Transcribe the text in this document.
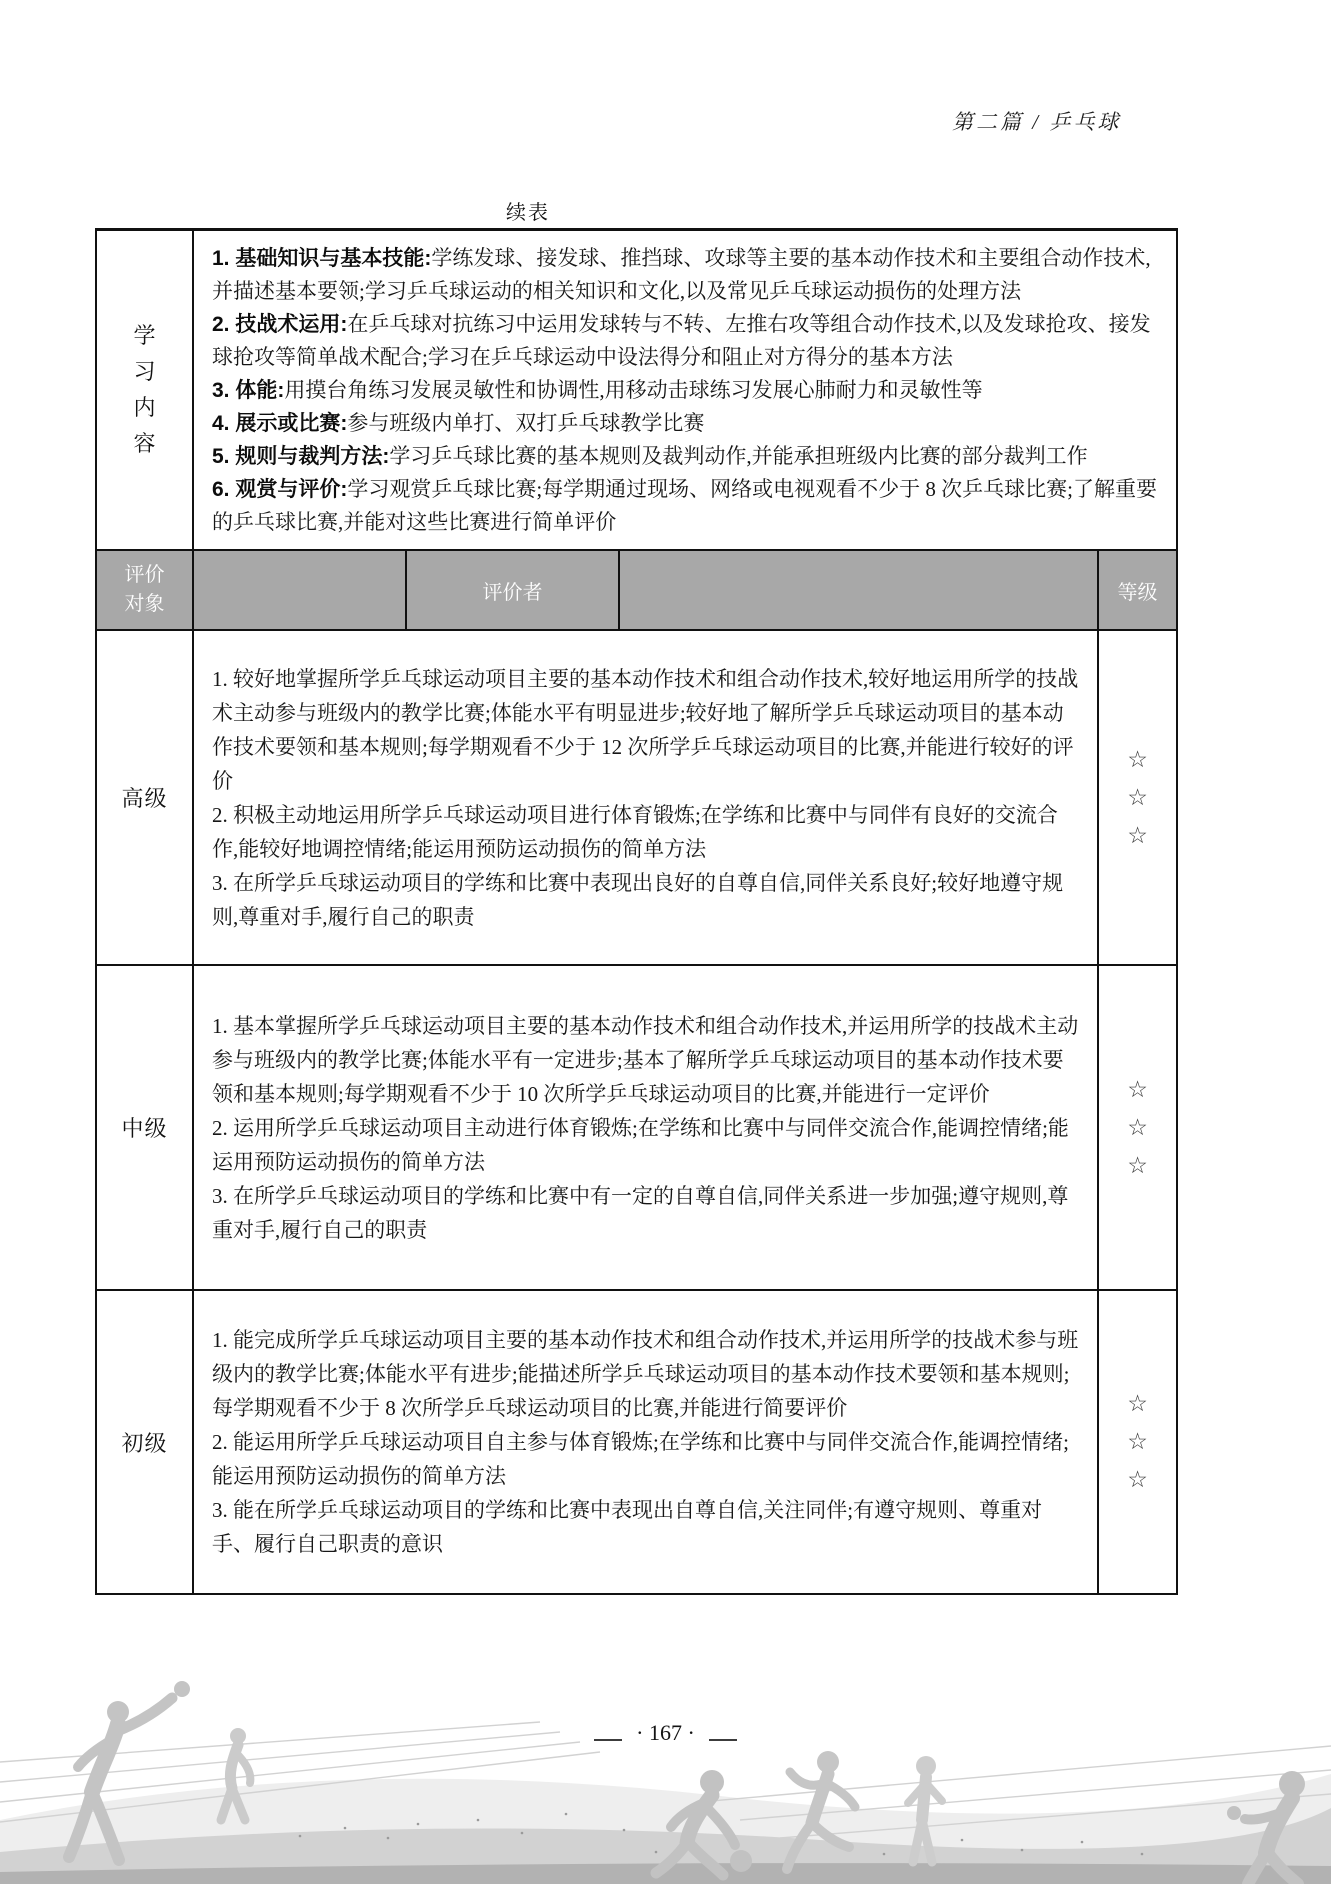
第二篇 / 乒乓球
续表
学习内容
1. 基础知识与基本技能:学练发球、接发球、推挡球、攻球等主要的基本动作技术和主要组合动作技术,并描述基本要领;学习乒乓球运动的相关知识和文化,以及常见乒乓球运动损伤的处理方法
2. 技战术运用:在乒乓球对抗练习中运用发球转与不转、左推右攻等组合动作技术,以及发球抢攻、接发球抢攻等简单战术配合;学习在乒乓球运动中设法得分和阻止对方得分的基本方法
3. 体能:用摸台角练习发展灵敏性和协调性,用移动击球练习发展心肺耐力和灵敏性等
4. 展示或比赛:参与班级内单打、双打乒乓球教学比赛
5. 规则与裁判方法:学习乒乓球比赛的基本规则及裁判动作,并能承担班级内比赛的部分裁判工作
6. 观赏与评价:学习观赏乒乓球比赛;每学期通过现场、网络或电视观看不少于 8 次乒乓球比赛;了解重要的乒乓球比赛,并能对这些比赛进行简单评价
评价对象
评价者	等级
高级
1. 较好地掌握所学乒乓球运动项目主要的基本动作技术和组合动作技术,较好地运用所学的技战术主动参与班级内的教学比赛;体能水平有明显进步;较好地了解所学乒乓球运动项目的基本动作技术要领和基本规则;每学期观看不少于 12 次所学乒乓球运动项目的比赛,并能进行较好的评价
2. 积极主动地运用所学乒乓球运动项目进行体育锻炼;在学练和比赛中与同伴有良好的交流合作,能较好地调控情绪;能运用预防运动损伤的简单方法
3. 在所学乒乓球运动项目的学练和比赛中表现出良好的自尊自信,同伴关系良好;较好地遵守规则,尊重对手,履行自己的职责
☆
☆
☆
中级
1. 基本掌握所学乒乓球运动项目主要的基本动作技术和组合动作技术,并运用所学的技战术主动参与班级内的教学比赛;体能水平有一定进步;基本了解所学乒乓球运动项目的基本动作技术要领和基本规则;每学期观看不少于 10 次所学乒乓球运动项目的比赛,并能进行一定评价
2. 运用所学乒乓球运动项目主动进行体育锻炼;在学练和比赛中与同伴交流合作,能调控情绪;能运用预防运动损伤的简单方法
3. 在所学乒乓球运动项目的学练和比赛中有一定的自尊自信,同伴关系进一步加强;遵守规则,尊重对手,履行自己的职责
☆
☆
☆
初级
1. 能完成所学乒乓球运动项目主要的基本动作技术和组合动作技术,并运用所学的技战术参与班级内的教学比赛;体能水平有进步;能描述所学乒乓球运动项目的基本动作技术要领和基本规则;每学期观看不少于 8 次所学乒乓球运动项目的比赛,并能进行简要评价
2. 能运用所学乒乓球运动项目自主参与体育锻炼;在学练和比赛中与同伴交流合作,能调控情绪;能运用预防运动损伤的简单方法
3. 能在所学乒乓球运动项目的学练和比赛中表现出自尊自信,关注同伴;有遵守规则、尊重对手、履行自己职责的意识
☆
☆
☆
· 167 ·
